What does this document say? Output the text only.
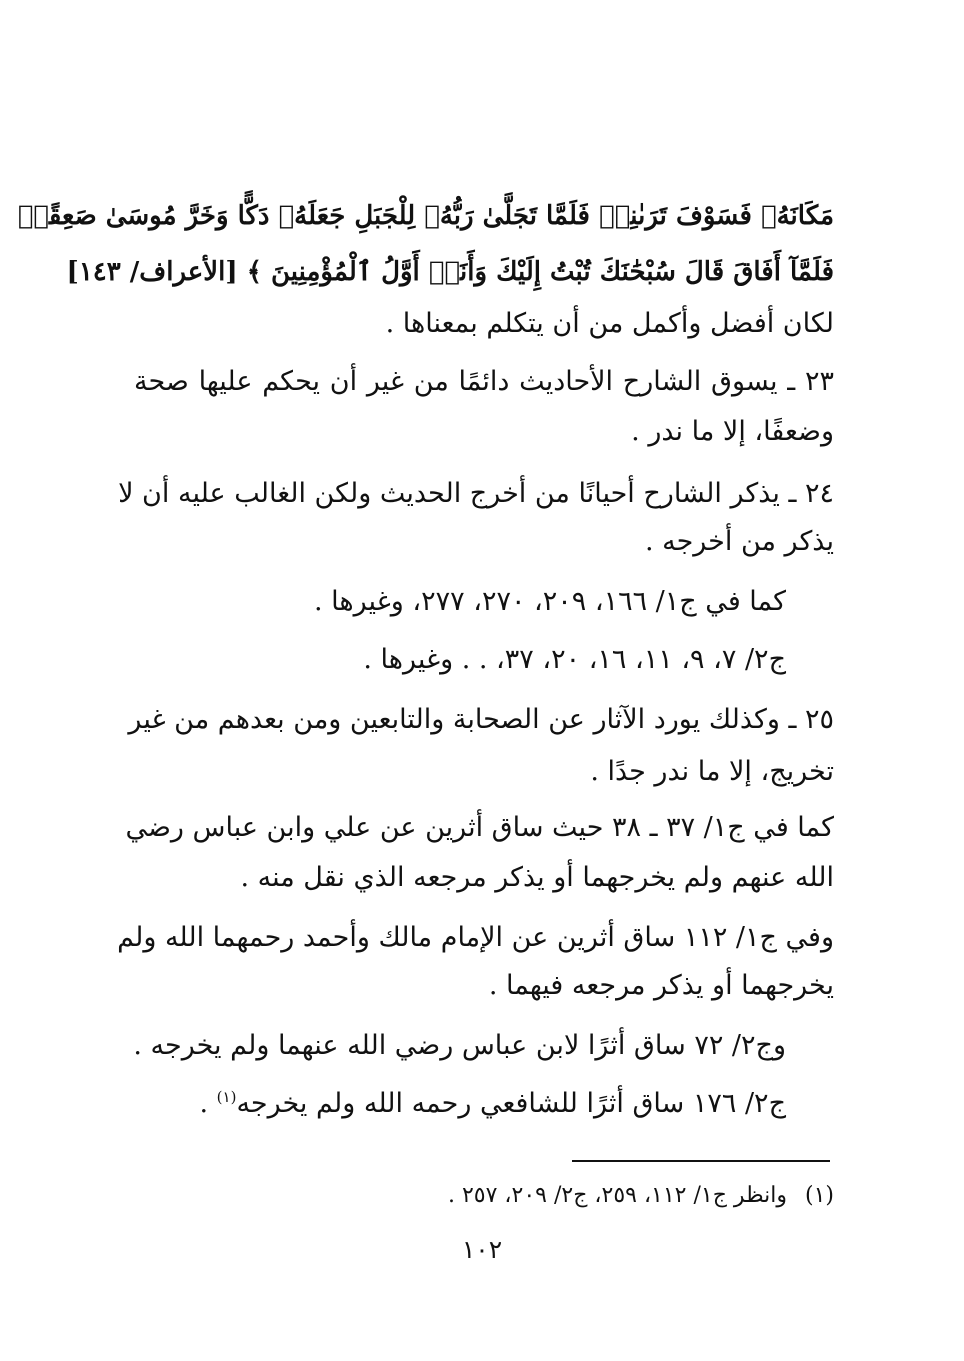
مَكَانَهُۥ فَسَوْفَ تَرَىٰنِىۚ فَلَمَّا تَجَلَّىٰ رَبُّهُۥ لِلْجَبَلِ جَعَلَهُۥ دَكًّا وَخَرَّ مُوسَىٰ صَعِقًاۚ
فَلَمَّآ أَفَاقَ قَالَ سُبْحَٰنَكَ تُبْتُ إِلَيْكَ وَأَنَا۠ أَوَّلُ ٱلْمُؤْمِنِينَ ﴾ [الأعراف/ ١٤٣]
لكان أفضل وأكمل من أن يتكلم بمعناها .
٢٣ ـ يسوق الشارح الأحاديث دائمًا من غير أن يحكم عليها صحة
وضعفًا، إلا ما ندر .
٢٤ ـ يذكر الشارح أحيانًا من أخرج الحديث ولكن الغالب عليه أن لا
يذكر من أخرجه .
كما في ج١/ ١٦٦، ٢٠٩، ٢٧٠، ٢٧٧، وغيرها .
ج٢/ ٧، ٩، ١١، ١٦، ٢٠، ٣٧، . . وغيرها .
٢٥ ـ وكذلك يورد الآثار عن الصحابة والتابعين ومن بعدهم من غير
تخريج، إلا ما ندر جدًا .
كما في ج١/ ٣٧ ـ ٣٨ حيث ساق أثرين عن علي وابن عباس رضي
الله عنهم ولم يخرجهما أو يذكر مرجعه الذي نقل منه .
وفي ج١/ ١١٢ ساق أثرين عن الإمام مالك وأحمد رحمهما الله ولم
يخرجهما أو يذكر مرجعه فيهما .
وج٢/ ٧٢ ساق أثرًا لابن عباس رضي الله عنهما ولم يخرجه .
ج٢/ ١٧٦ ساق أثرًا للشافعي رحمه الله ولم يخرجه$^{(١)}$ .
(١)وانظر ج١/ ١١٢، ٢٥٩، ج٢/ ٢٠٩، ٢٥٧ .
١٠٢
